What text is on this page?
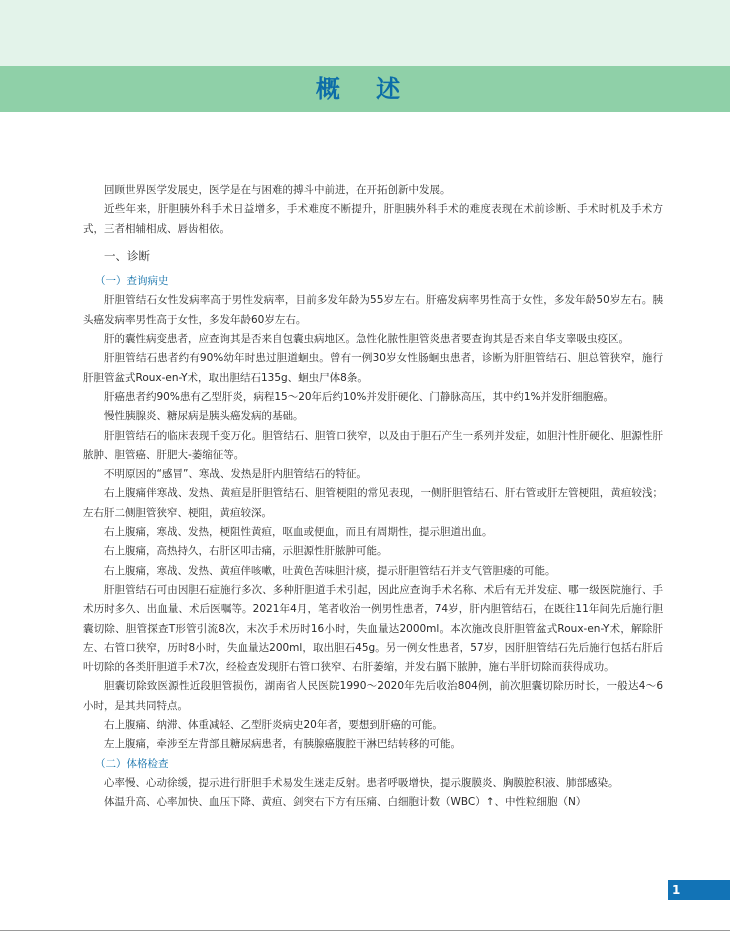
概 述

回顾世界医学发展史，医学是在与困难的搏斗中前进，在开拓创新中发展。

近些年来，肝胆胰外科手术日益增多，手术难度不断提升，肝胆胰外科手术的难度表现在术前诊断、手术时机及手术方式，三者相辅相成、唇齿相依。

一、诊断
（一）查询病史

肝胆管结石女性发病率高于男性发病率，目前多发年龄为55岁左右。肝癌发病率男性高于女性，多发年龄50岁左右。胰头癌发病率男性高于女性，多发年龄60岁左右。

肝的囊性病变患者，应查询其是否来自包囊虫病地区。急性化脓性胆管炎患者要查询其是否来自华支睾吸虫疫区。

肝胆管结石患者约有90%幼年时患过胆道蛔虫。曾有一例30岁女性肠蛔虫患者，诊断为肝胆管结石、胆总管狭窄，施行肝胆管盆式Roux-en-Y术，取出胆结石135g、蛔虫尸体8条。

肝癌患者约90%患有乙型肝炎，病程15～20年后约10%并发肝硬化、门静脉高压，其中约1%并发肝细胞癌。

慢性胰腺炎、糖尿病是胰头癌发病的基础。

肝胆管结石的临床表现千变万化。胆管结石、胆管口狭窄，以及由于胆石产生一系列并发症，如胆汁性肝硬化、胆源性肝脓肿、胆管癌、肝肥大-萎缩征等。

不明原因的“感冒”、寒战、发热是肝内胆管结石的特征。

右上腹痛伴寒战、发热、黄疸是肝胆管结石、胆管梗阻的常见表现，一侧肝胆管结石、肝右管或肝左管梗阻，黄疸较浅；左右肝二侧胆管狭窄、梗阻，黄疸较深。

右上腹痛，寒战、发热，梗阻性黄疸，呕血或便血，而且有周期性，提示胆道出血。

右上腹痛，高热持久，右肝区叩击痛，示胆源性肝脓肿可能。

右上腹痛，寒战、发热、黄疸伴咳嗽，吐黄色苦味胆汁痰，提示肝胆管结石并支气管胆瘘的可能。

肝胆管结石可由因胆石症施行多次、多种肝胆道手术引起，因此应查询手术名称、术后有无并发症、哪一级医院施行、手术历时多久、出血量、术后医嘱等。2021年4月，笔者收治一例男性患者，74岁，肝内胆管结石，在既往11年间先后施行胆囊切除、胆管探查T形管引流8次，末次手术历时16小时，失血量达2000ml。本次施改良肝胆管盆式Roux-en-Y术，解除肝左、右管口狭窄，历时8小时，失血量达200ml，取出胆石45g。另一例女性患者，57岁，因肝胆管结石先后施行包括右肝后叶切除的各类肝胆道手术7次，经检查发现肝右管口狭窄、右肝萎缩，并发右膈下脓肿，施右半肝切除而获得成功。

胆囊切除致医源性近段胆管损伤，湖南省人民医院1990～2020年先后收治804例，前次胆囊切除历时长，一般达4～6小时，是其共同特点。

右上腹痛、纳滞、体重减轻、乙型肝炎病史20年者，要想到肝癌的可能。

左上腹痛，牵涉至左背部且糖尿病患者，有胰腺癌腹腔干淋巴结转移的可能。

（二）体格检查

心率慢、心动徐缓，提示进行肝胆手术易发生迷走反射。患者呼吸增快，提示腹膜炎、胸膜腔积液、肺部感染。

体温升高、心率加快、血压下降、黄疸、剑突右下方有压痛、白细胞计数（WBC）↑、中性粒细胞（N）

1
